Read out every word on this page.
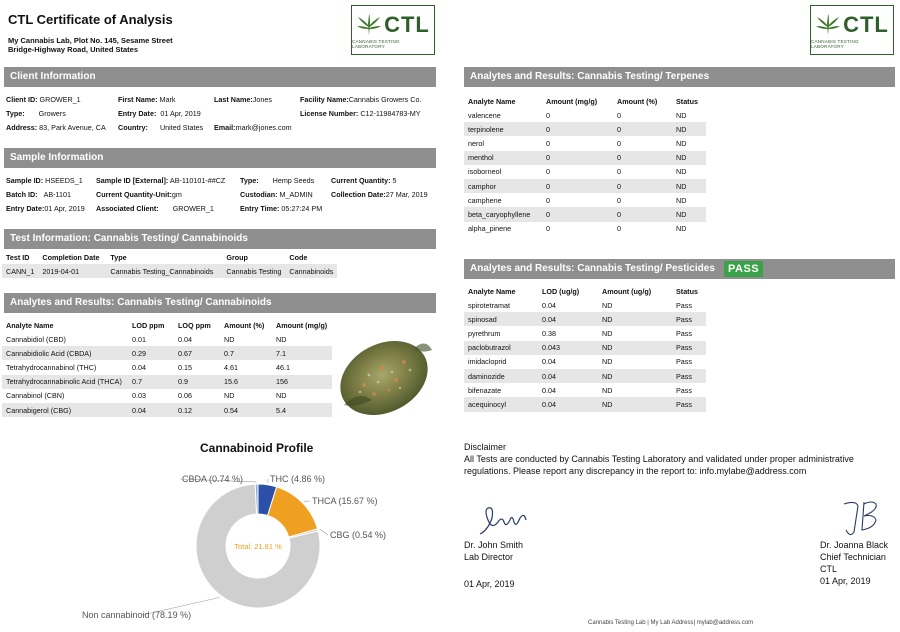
CTL Certificate of Analysis
My Cannabis Lab, Plot No. 145, Sesame Street
Bridge-Highway Road, United States
CTL
CANNABIS TESTING LABORATORY
CTL
CANNABIS TESTING LABORATORY
Client Information
Client ID: GROWER_1	First Name: Mark	Last Name:Jones	Facility Name:Cannabis Growers Co.
Type: Growers	Entry Date: 01 Apr, 2019	License Number: C12-11984783-MY
Address: 83, Park Avenue, CA Country: United States Email:mark@jones.com
Sample Information
Sample ID: HSEEDS_1 Sample ID [External]: AB-110101-##CZ Type: Hemp Seeds Current Quantity: 5
Batch ID: AB-1101	Current Quantity-Unit:gm	Custodian: M_ADMIN	Collection Date:27 Mar, 2019
Entry Date:01 Apr, 2019 Associated Client: GROWER_1	Entry Time: 05:27:24 PM
Test Information: Cannabis Testing/ Cannabinoids
Test ID	Completion Date	Type	Group	Code
CANN_1	2019-04-01	Cannabis Testing_Cannabinoids	Cannabis Testing	Cannabinoids
Analytes and Results: Cannabis Testing/ Cannabinoids
Analyte Name	LOD ppm	LOQ ppm	Amount (%)	Amount (mg/g)
Cannabidiol (CBD)	0.01	0.04	ND	ND
Cannabidiolic Acid (CBDA)	0.29	0.67	0.7	7.1
Tetrahydrocannabinol (THC)	0.04	0.15	4.61	46.1
Tetrahydrocannabinolic Acid (THCA)	0.7	0.9	15.6	156
Cannabinol (CBN)	0.03	0.06	ND	ND
Cannabigerol (CBG)	0.04	0.12	0.54	5.4
Cannabinoid Profile
CBDA (0.74 %)	THC (4.86 %)
THCA (15.67 %)
CBG (0.54 %)
Non cannabinoid (78.19 %)
Total: 21.81 %
Analytes and Results: Cannabis Testing/ Terpenes
Analyte Name	Amount (mg/g)	Amount (%)	Status
valencene	0	0	ND
terpinolene	0	0	ND
nerol	0	0	ND
menthol	0	0	ND
isoborneol	0	0	ND
camphor	0	0	ND
camphene	0	0	ND
beta_caryophyllene	0	0	ND
alpha_pinene	0	0	ND
Analytes and Results: Cannabis Testing/ Pesticides	PASS
Analyte Name	LOD (ug/g)	Amount (ug/g)	Status
spirotetramat	0.04	ND	Pass
spinosad	0.04	ND	Pass
pyrethrum	0.38	ND	Pass
paclobutrazol	0.043	ND	Pass
imidacloprid	0.04	ND	Pass
daminozide	0.04	ND	Pass
bifenazate	0.04	ND	Pass
acequinocyl	0.04	ND	Pass
Disclaimer
All Tests are conducted by Cannabis Testing Laboratory and validated under proper administrative
regulations. Please report any discrepancy in the report to: info.mylabe@address.com
Dr. John Smith
Lab Director
01 Apr, 2019
Dr. Joanna Black
Chief Technician
CTL
01 Apr, 2019
Cannabis Testing Lab | My Lab Address| mylab@address.com
